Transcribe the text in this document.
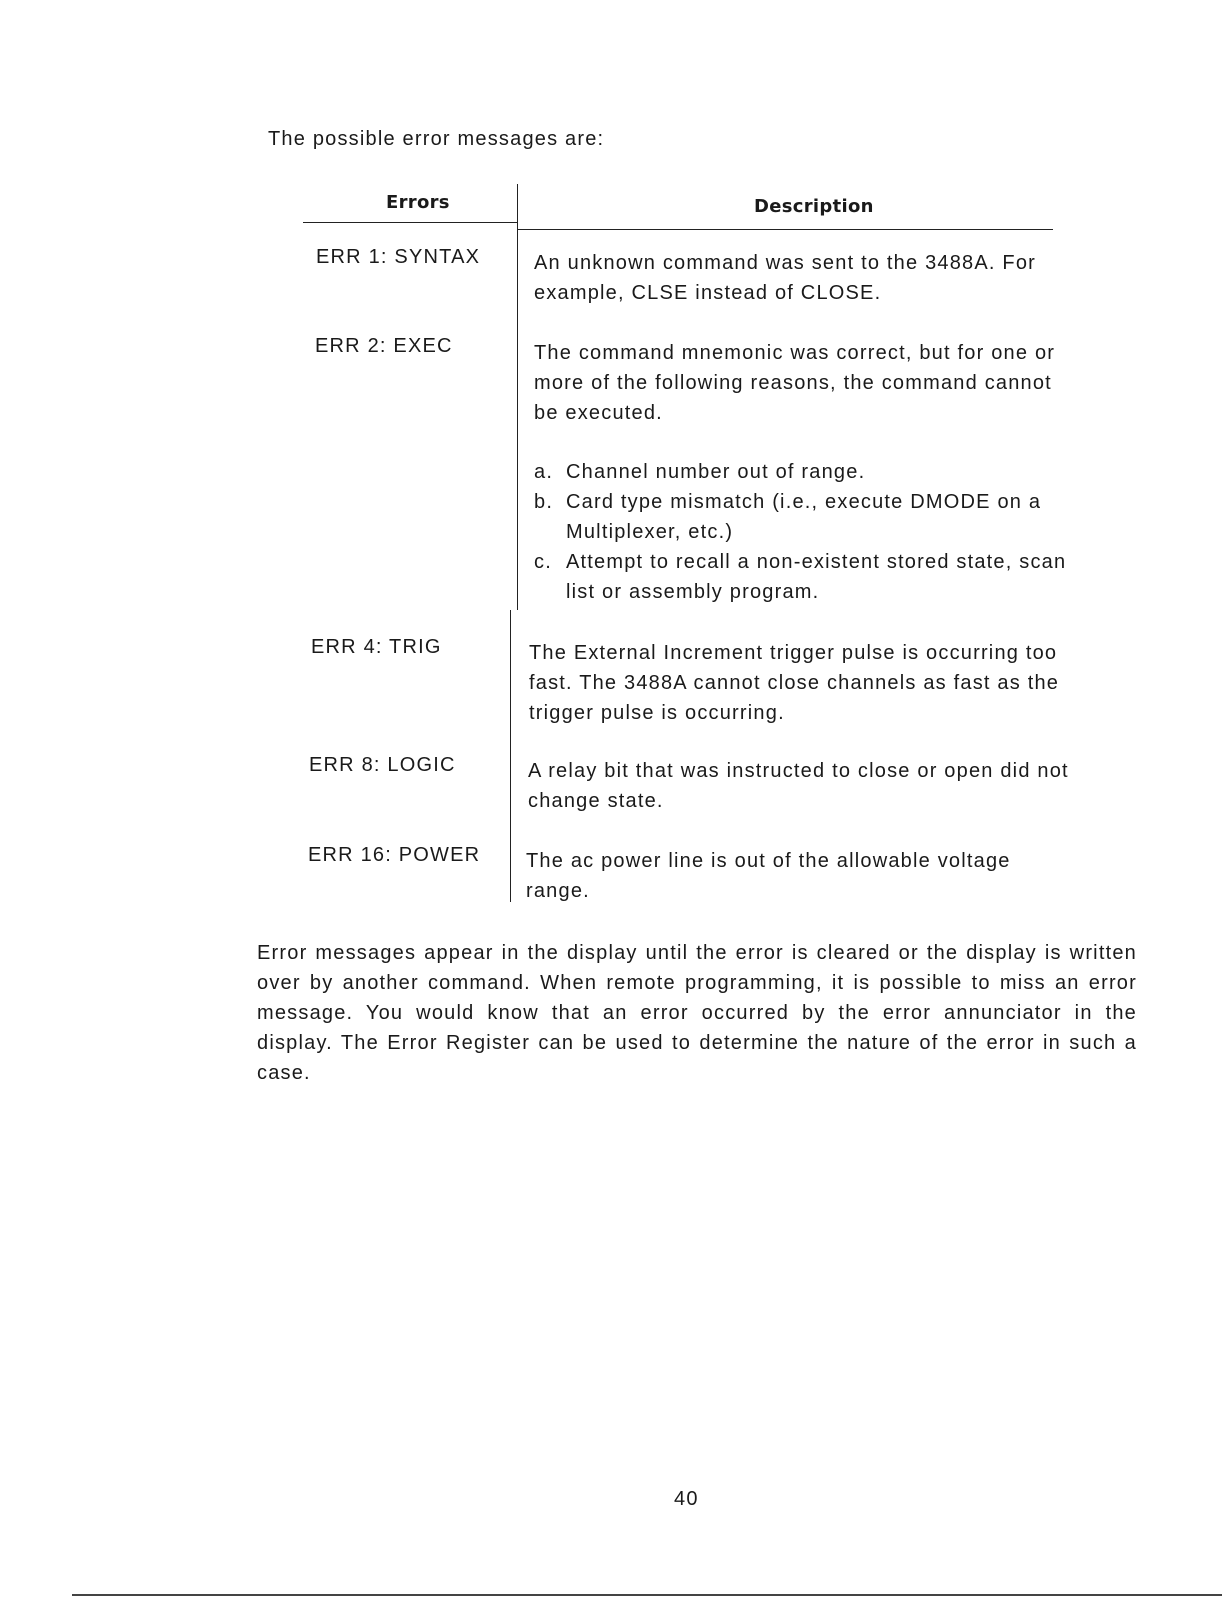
The possible error messages are:
Errors	Description
ERR 1: SYNTAX	An unknown command was sent to the 3488A. For example, CLSE instead of CLOSE.

ERR 2: EXEC	The command mnemonic was correct, but for one or more of the following reasons, the command cannot be executed.

a. Channel number out of range.
b. Card type mismatch (i.e., execute DMODE on a Multiplexer, etc.)
c. Attempt to recall a non-existent stored state, scan list or assembly program.
ERR 4: TRIG	The External Increment trigger pulse is occurring too fast. The 3488A cannot close channels as fast as the trigger pulse is occurring.

ERR 8: LOGIC	A relay bit that was instructed to close or open did not change state.

ERR 16: POWER The ac power line is out of the allowable voltage range.

Error messages appear in the display until the error is cleared or the display is written over by another command. When remote programming, it is possible to miss an error message. You would know that an error occurred by the error annunciator in the display. The Error Register can be used to determine the nature of the error in such a case.

40
